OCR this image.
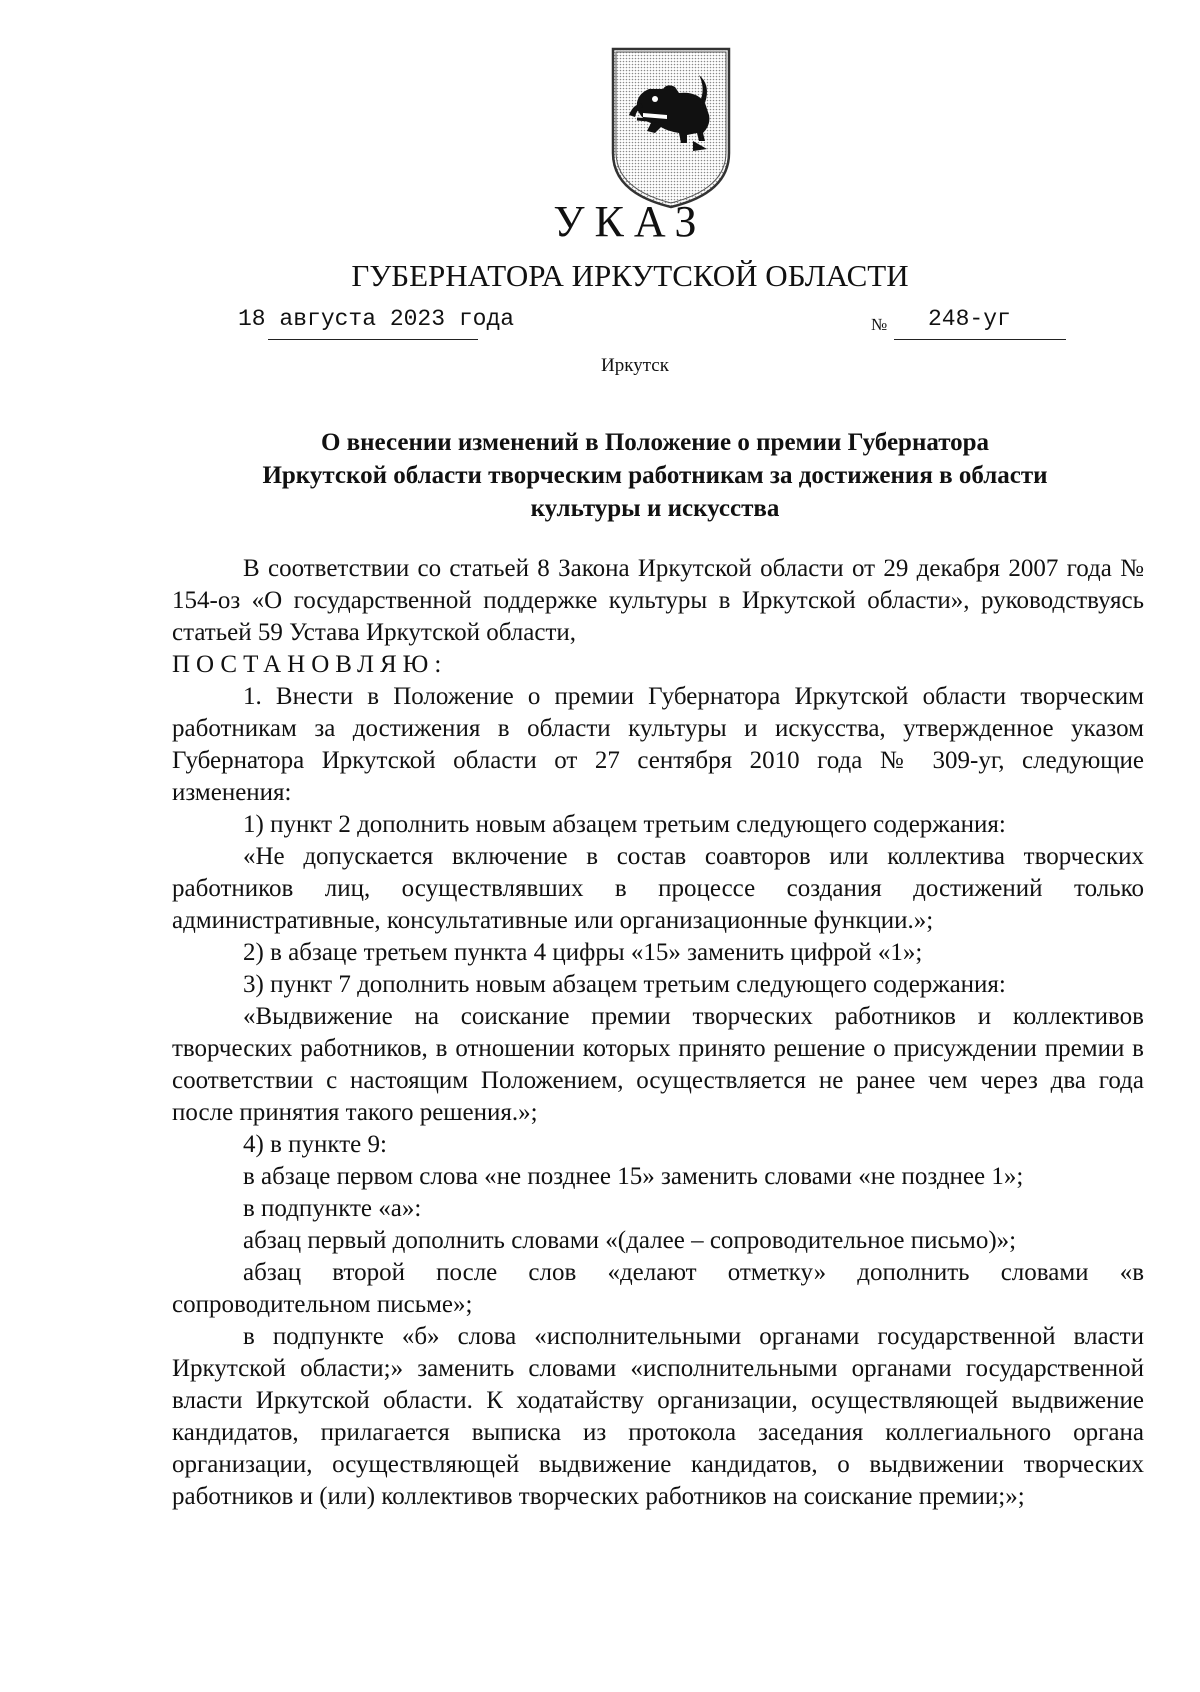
УКАЗ
ГУБЕРНАТОРА ИРКУТСКОЙ ОБЛАСТИ
18 августа 2023 года	№ 248-уг
Иркутск
О внесении изменений в Положение о премии Губернатора
Иркутской области творческим работникам за достижения в области
культуры и искусства

В соответствии со статьей 8 Закона Иркутской области от 29 декабря 2007 года № 154-оз «О государственной поддержке культуры в Иркутской области», руководствуясь статьей 59 Устава Иркутской области,

ПОСТАНОВЛЯЮ:

1. Внести в Положение о премии Губернатора Иркутской области творческим работникам за достижения в области культуры и искусства, утвержденное указом Губернатора Иркутской области от 27 сентября 2010 года № 309-уг, следующие изменения:

1) пункт 2 дополнить новым абзацем третьим следующего содержания:

«Не допускается включение в состав соавторов или коллектива творческих работников лиц, осуществлявших в процессе создания достижений только административные, консультативные или организационные функции.»;

2) в абзаце третьем пункта 4 цифры «15» заменить цифрой «1»;

3) пункт 7 дополнить новым абзацем третьим следующего содержания:

«Выдвижение на соискание премии творческих работников и коллективов творческих работников, в отношении которых принято решение о присуждении премии в соответствии с настоящим Положением, осуществляется не ранее чем через два года после принятия такого решения.»;

4) в пункте 9:

в абзаце первом слова «не позднее 15» заменить словами «не позднее 1»;

в подпункте «а»:

абзац первый дополнить словами «(далее – сопроводительное письмо)»;

абзац второй после слов «делают отметку» дополнить словами «в сопроводительном письме»;

в подпункте «б» слова «исполнительными органами государственной власти Иркутской области;» заменить словами «исполнительными органами государственной власти Иркутской области. К ходатайству организации, осуществляющей выдвижение кандидатов, прилагается выписка из протокола заседания коллегиального органа организации, осуществляющей выдвижение кандидатов, о выдвижении творческих работников и (или) коллективов творческих работников на соискание премии;»;
